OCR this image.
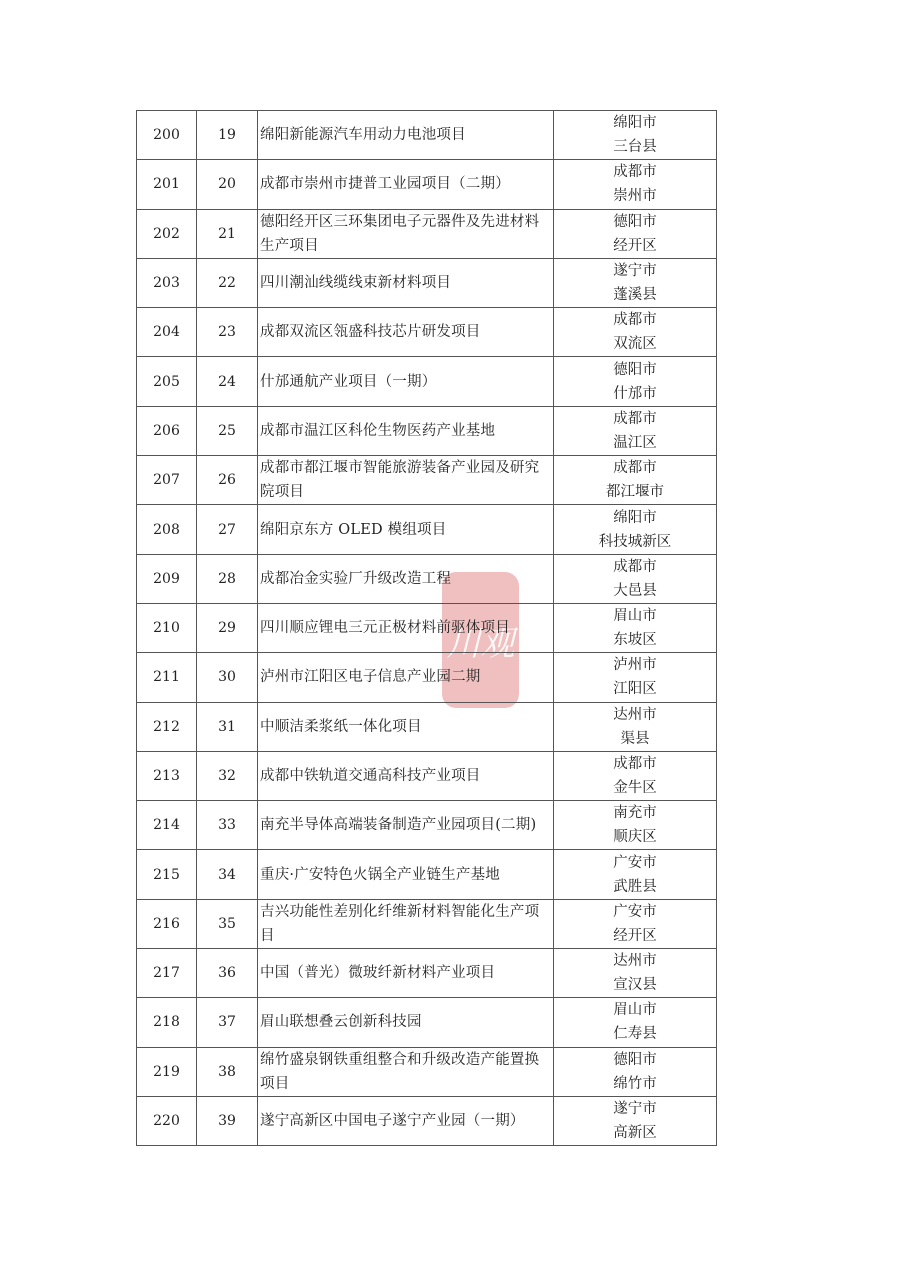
川观
200	19	绵阳新能源汽车用动力电池项目	绵阳市
三台县

201	20	成都市崇州市捷普工业园项目（二期）	成都市
崇州市

202	21	德阳经开区三环集团电子元器件及先进材料生产项目	德阳市
经开区

203	22	四川潮汕线缆线束新材料项目	遂宁市
蓬溪县

204	23	成都双流区瓴盛科技芯片研发项目	成都市
双流区

205	24	什邡通航产业项目（一期）	德阳市
什邡市

206	25	成都市温江区科伦生物医药产业基地	成都市
温江区

207	26	成都市都江堰市智能旅游装备产业园及研究院项目	成都市
都江堰市

208	27	绵阳京东方 OLED 模组项目	绵阳市
科技城新区

209	28	成都冶金实验厂升级改造工程	成都市
大邑县

210	29	四川顺应锂电三元正极材料前驱体项目	眉山市
东坡区

211	30	泸州市江阳区电子信息产业园二期	泸州市
江阳区

212	31	中顺洁柔浆纸一体化项目	达州市
渠县

213	32	成都中铁轨道交通高科技产业项目	成都市
金牛区

214	33	南充半导体高端装备制造产业园项目(二期)	南充市
顺庆区

215	34	重庆·广安特色火锅全产业链生产基地	广安市
武胜县

216	35	吉兴功能性差别化纤维新材料智能化生产项目	广安市
经开区

217	36	中国（普光）微玻纤新材料产业项目	达州市
宣汉县

218	37	眉山联想叠云创新科技园	眉山市
仁寿县

219	38	绵竹盛泉钢铁重组整合和升级改造产能置换项目	德阳市
绵竹市

220	39	遂宁高新区中国电子遂宁产业园（一期）	遂宁市
高新区
